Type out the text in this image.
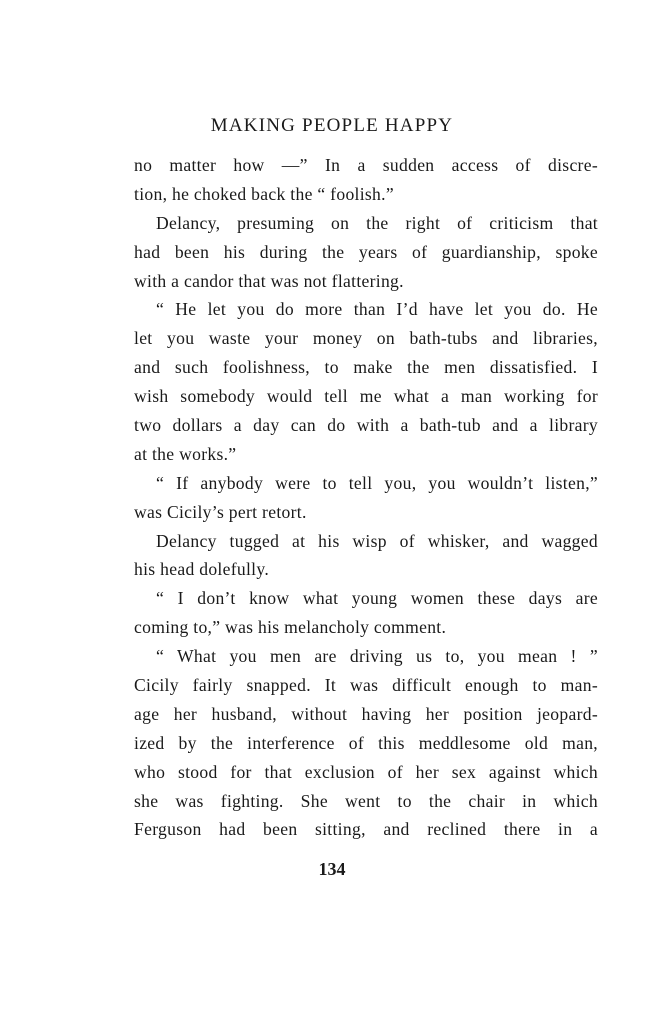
MAKING PEOPLE HAPPY
no matter how —” In a sudden access of discre-
tion, he choked back the “ foolish.”
Delancy, presuming on the right of criticism that
had been his during the years of guardianship, spoke
with a candor that was not flattering.
“ He let you do more than I’d have let you do. He
let you waste your money on bath-tubs and libraries,
and such foolishness, to make the men dissatisfied. I
wish somebody would tell me what a man working for
two dollars a day can do with a bath-tub and a library
at the works.”
“ If anybody were to tell you, you wouldn’t listen,”
was Cicily’s pert retort.
Delancy tugged at his wisp of whisker, and wagged
his head dolefully.
“ I don’t know what young women these days are
coming to,” was his melancholy comment.
“ What you men are driving us to, you mean ! ”
Cicily fairly snapped. It was difficult enough to man-
age her husband, without having her position jeopard-
ized by the interference of this meddlesome old man,
who stood for that exclusion of her sex against which
she was fighting. She went to the chair in which
Ferguson had been sitting, and reclined there in a
134
